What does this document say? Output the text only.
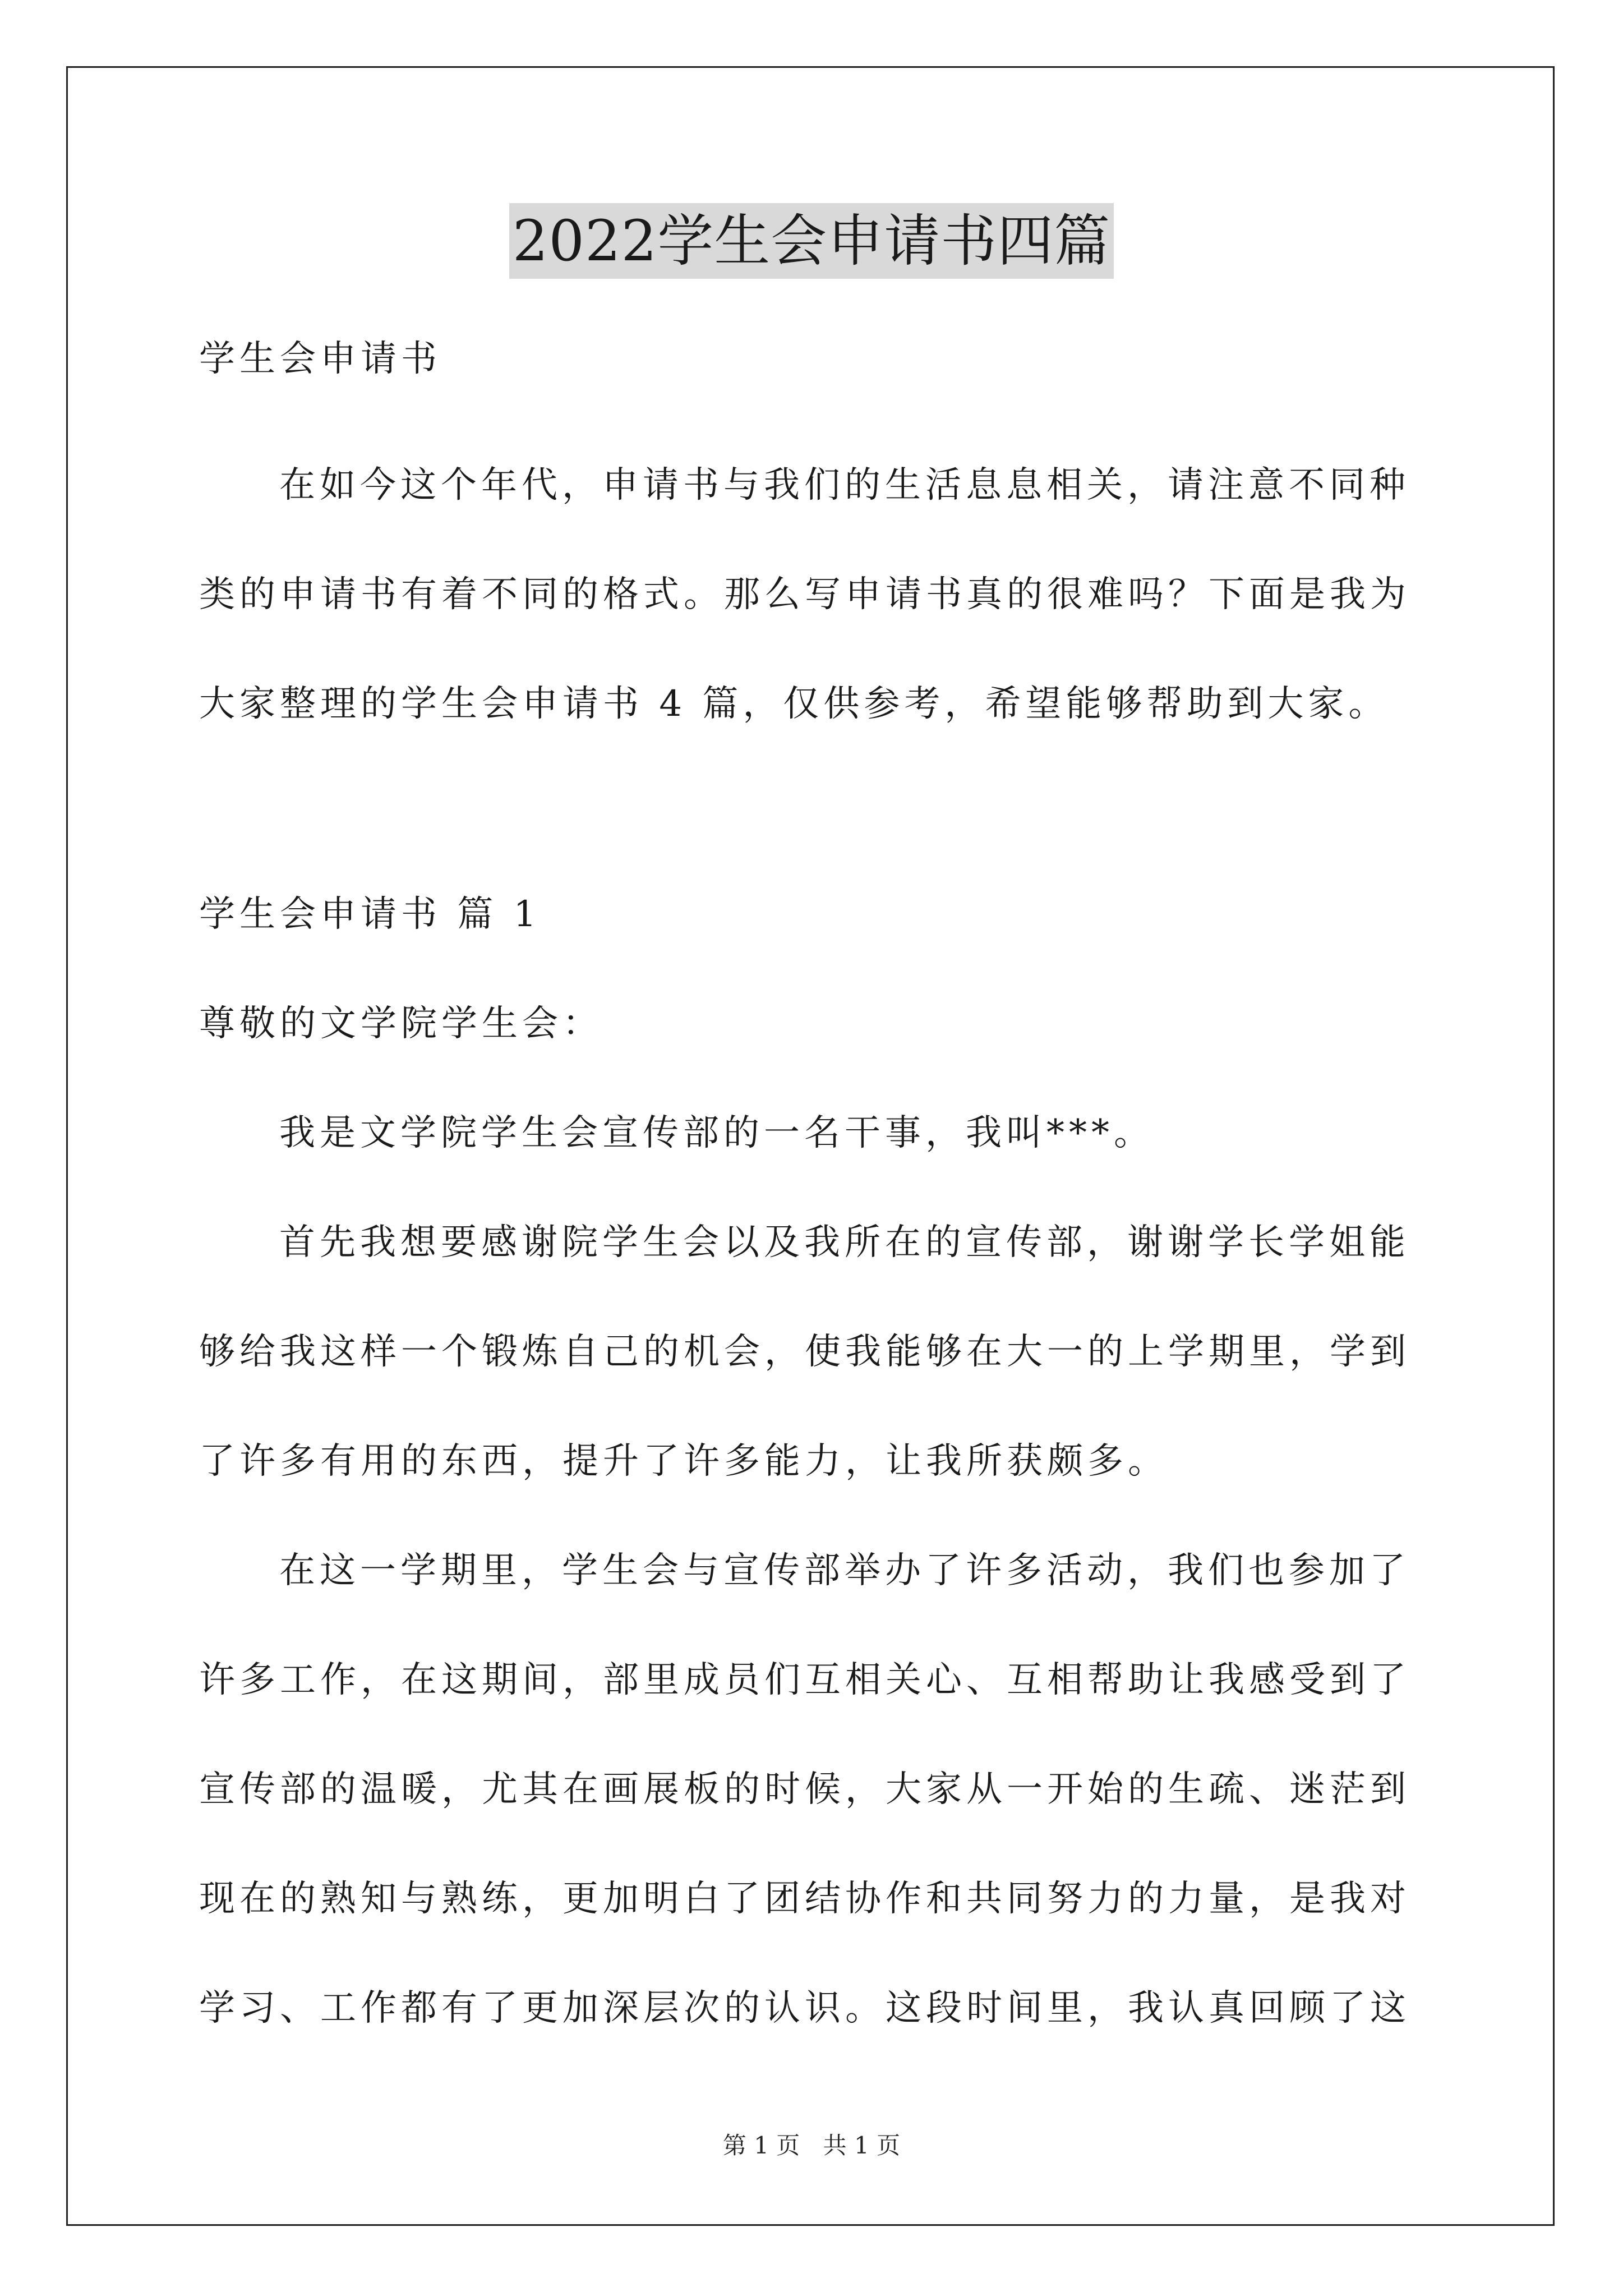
2022学生会申请书四篇
学生会申请书
在如今这个年代，申请书与我们的生活息息相关，请注意不同种
类的申请书有着不同的格式。那么写申请书真的很难吗？下面是我为
大家整理的学生会申请书 4 篇，仅供参考，希望能够帮助到大家。
学生会申请书 篇 1
尊敬的文学院学生会：
我是文学院学生会宣传部的一名干事，我叫***。
首先我想要感谢院学生会以及我所在的宣传部，谢谢学长学姐能
够给我这样一个锻炼自己的机会，使我能够在大一的上学期里，学到
了许多有用的东西，提升了许多能力，让我所获颇多。
在这一学期里，学生会与宣传部举办了许多活动，我们也参加了
许多工作，在这期间，部里成员们互相关心、互相帮助让我感受到了
宣传部的温暖，尤其在画展板的时候，大家从一开始的生疏、迷茫到
现在的熟知与熟练，更加明白了团结协作和共同努力的力量，是我对
学习、工作都有了更加深层次的认识。这段时间里，我认真回顾了这
第 1 页 共 1 页
